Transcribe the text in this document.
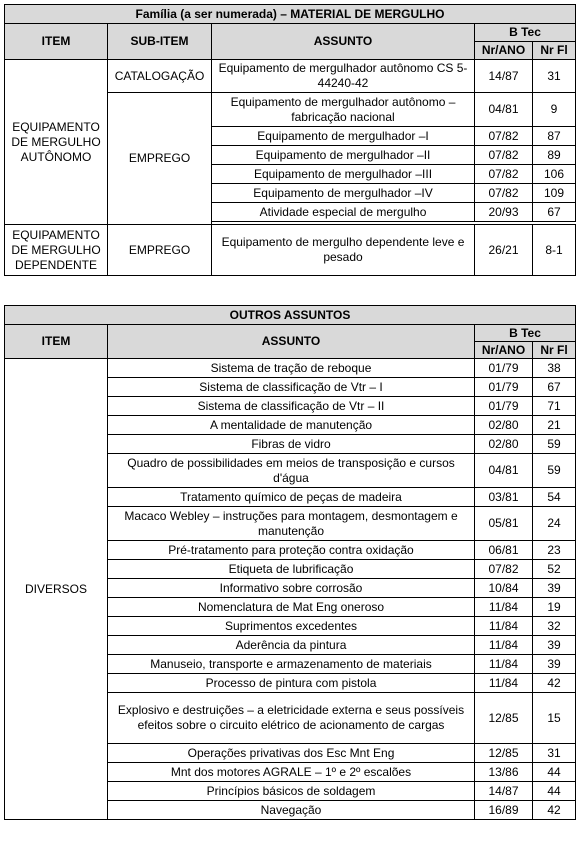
Família (a ser numerada) – MATERIAL DE MERGULHO				
ITEM	SUB-ITEM	ASSUNTO	B Tec	
			Nr/ANO	Nr Fl
EQUIPAMENTO DE MERGULHO AUTÔNOMO	CATALOGAÇÃO	Equipamento de mergulhador autônomo CS 5-44240-42	14/87	31
	EMPREGO	Equipamento de mergulhador autônomo – fabricação nacional	04/81	9
		Equipamento de mergulhador –I	07/82	87
		Equipamento de mergulhador –II	07/82	89
		Equipamento de mergulhador –III	07/82	106
		Equipamento de mergulhador –IV	07/82	109
		Atividade especial de mergulho	20/93	67

EQUIPAMENTO DE MERGULHO DEPENDENTE	EMPREGO	Equipamento de mergulho dependente leve e pesado	26/21	8-1
OUTROS ASSUNTOS			
ITEM	ASSUNTO	B Tec	
		Nr/ANO	Nr Fl
DIVERSOS	Sistema de tração de reboque	01/79	38
	Sistema de classificação de Vtr – I	01/79	67
	Sistema de classificação de Vtr – II	01/79	71
	A mentalidade de manutenção	02/80	21
	Fibras de vidro	02/80	59
	Quadro de possibilidades em meios de transposição e cursos d'água	04/81	59
	Tratamento químico de peças de madeira	03/81	54
	Macaco Webley – instruções para montagem, desmontagem e manutenção	05/81	24
	Pré-tratamento para proteção contra oxidação	06/81	23
	Etiqueta de lubrificação	07/82	52
	Informativo sobre corrosão	10/84	39
	Nomenclatura de Mat Eng oneroso	11/84	19
	Suprimentos excedentes	11/84	32
	Aderência da pintura	11/84	39
	Manuseio, transporte e armazenamento de materiais	11/84	39
	Processo de pintura com pistola	11/84	42
	Explosivo e destruições – a eletricidade externa e seus possíveis efeitos sobre o circuito elétrico de acionamento de cargas	12/85	15
	Operações privativas dos Esc Mnt Eng	12/85	31
	Mnt dos motores AGRALE – 1º e 2º escalões	13/86	44
	Princípios básicos de soldagem	14/87	44
	Navegação	16/89	42
